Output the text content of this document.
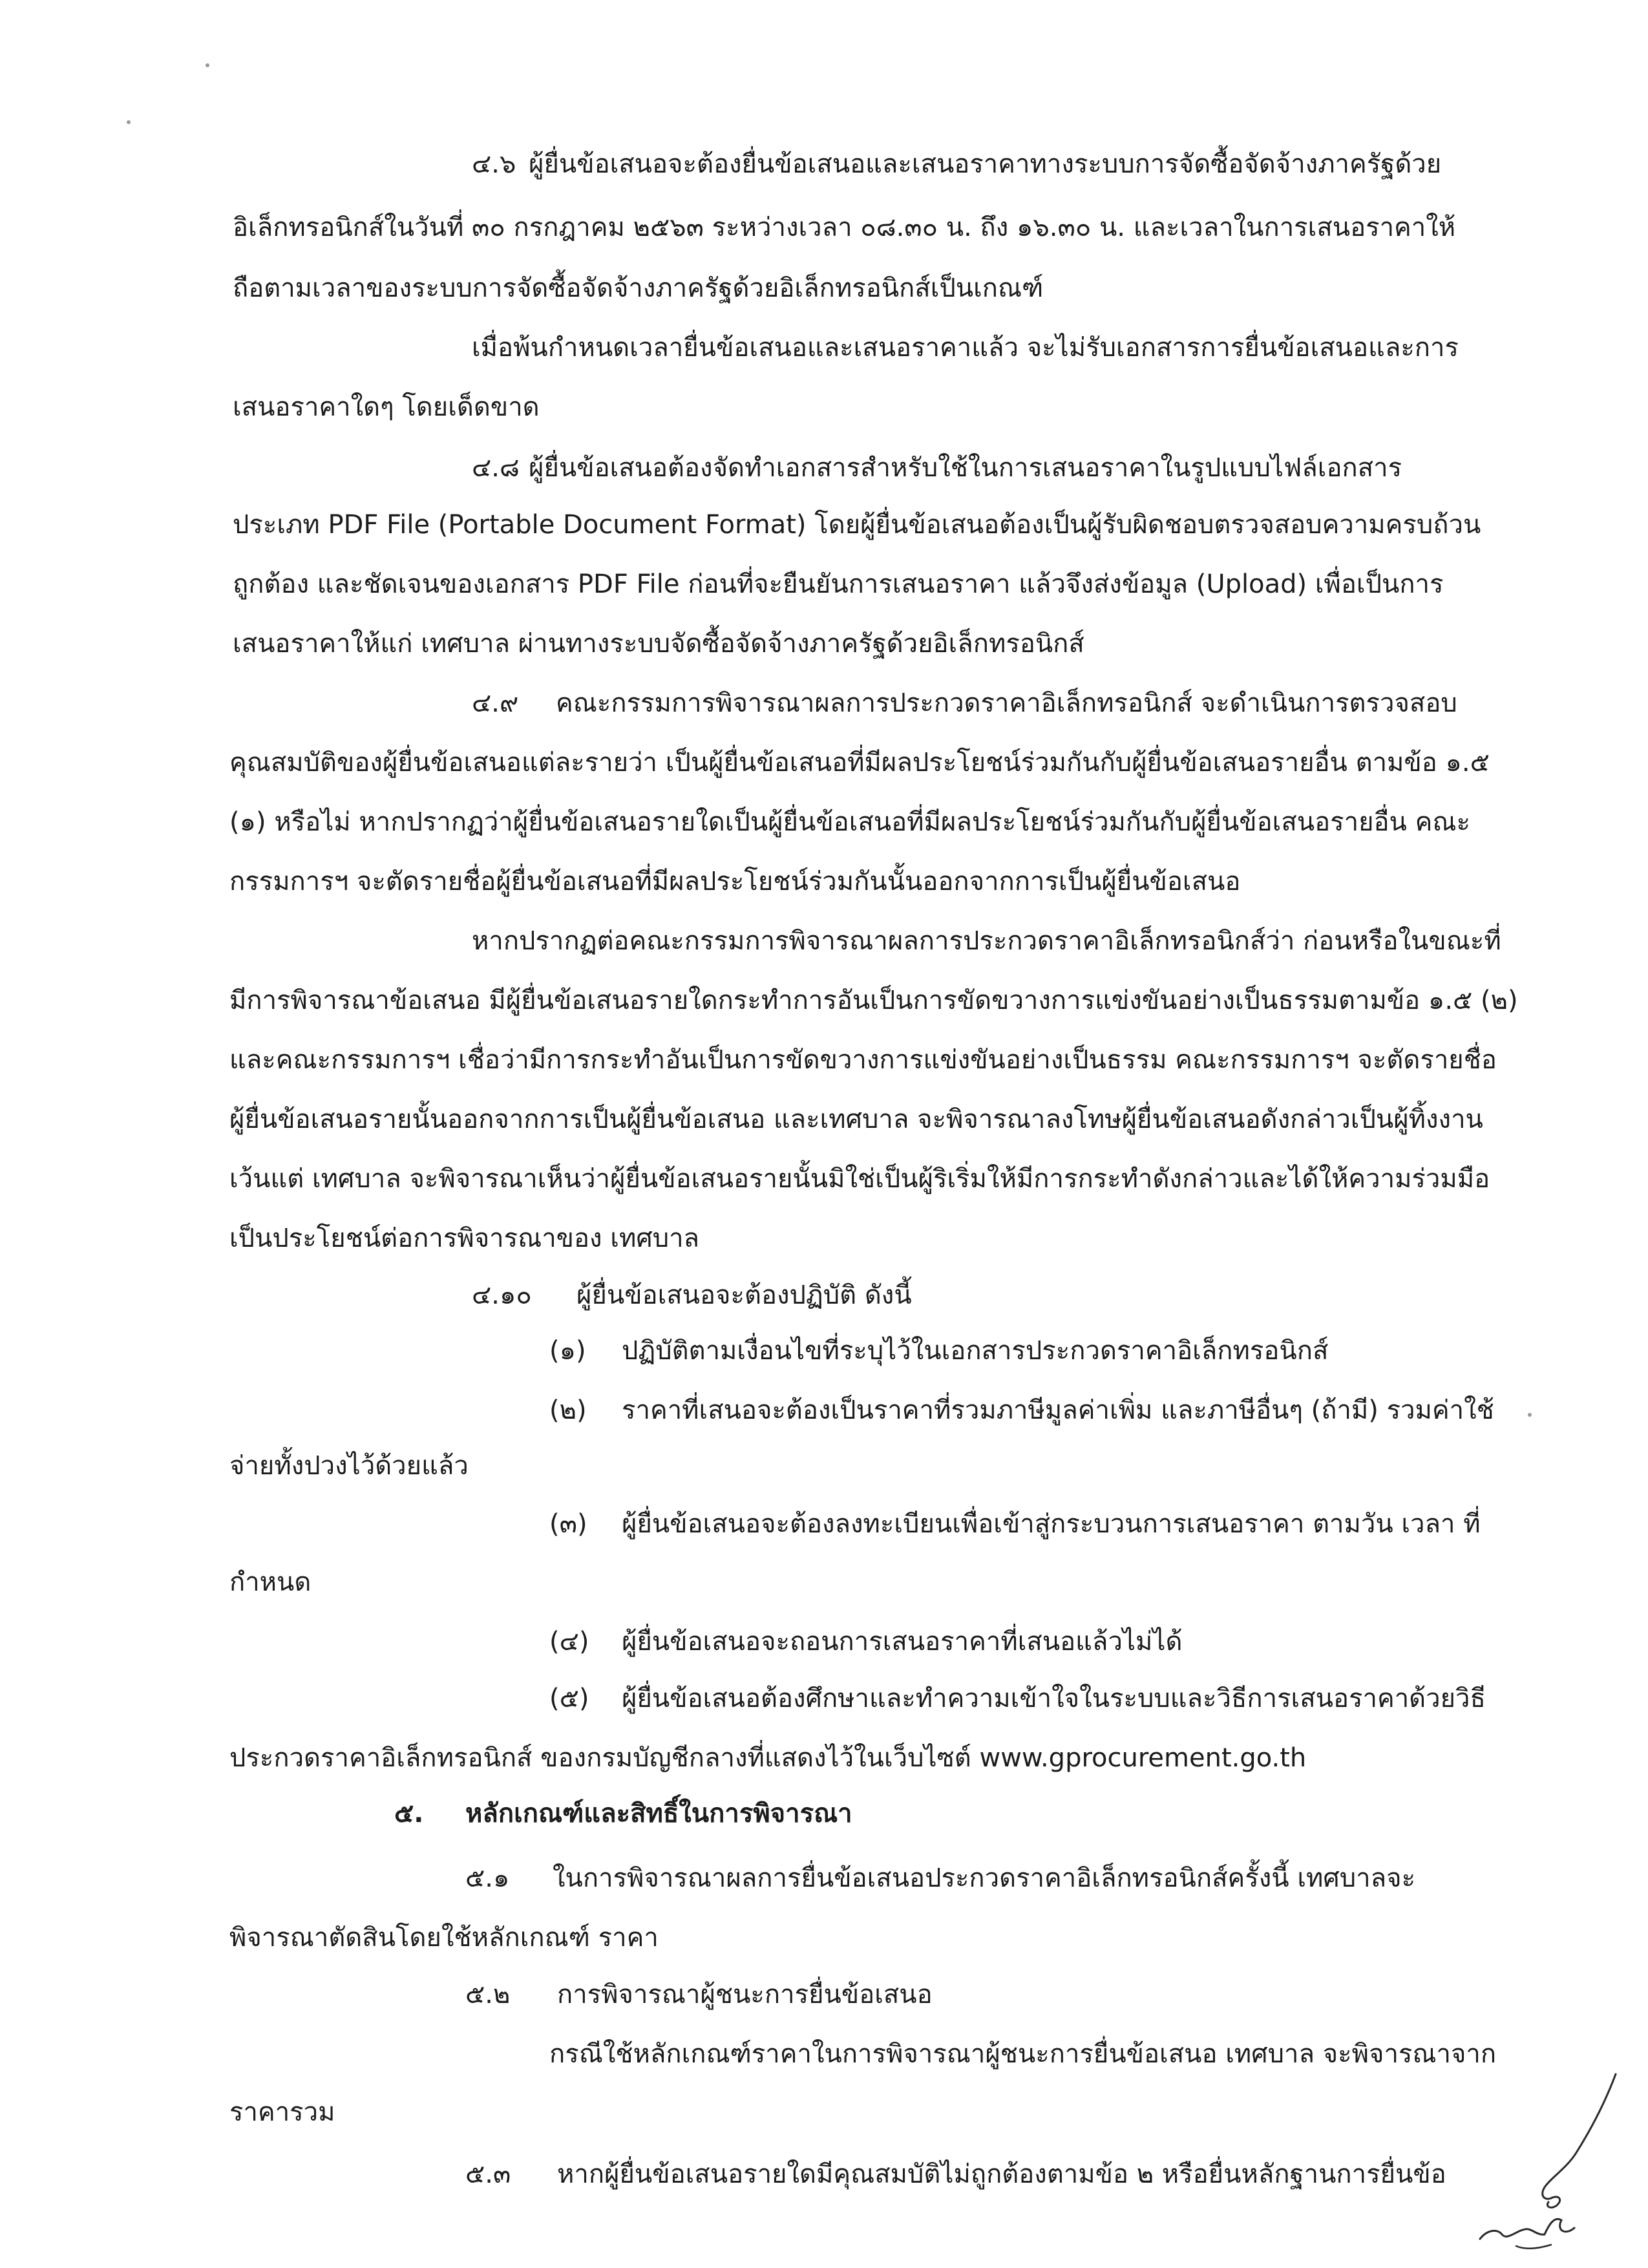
๔.๖ ผู้ยื่นข้อเสนอจะต้องยื่นข้อเสนอและเสนอราคาทางระบบการจัดซื้อจัดจ้างภาครัฐด้วย
อิเล็กทรอนิกส์ในวันที่ ๓๐ กรกฎาคม ๒๕๖๓ ระหว่างเวลา ๐๘.๓๐ น. ถึง ๑๖.๓๐ น. และเวลาในการเสนอราคาให้
ถือตามเวลาของระบบการจัดซื้อจัดจ้างภาครัฐด้วยอิเล็กทรอนิกส์เป็นเกณฑ์
เมื่อพ้นกำหนดเวลายื่นข้อเสนอและเสนอราคาแล้ว จะไม่รับเอกสารการยื่นข้อเสนอและการ
เสนอราคาใดๆ โดยเด็ดขาด
๔.๘ ผู้ยื่นข้อเสนอต้องจัดทำเอกสารสำหรับใช้ในการเสนอราคาในรูปแบบไฟล์เอกสาร
ประเภท PDF File (Portable Document Format) โดยผู้ยื่นข้อเสนอต้องเป็นผู้รับผิดชอบตรวจสอบความครบถ้วน
ถูกต้อง และชัดเจนของเอกสาร PDF File ก่อนที่จะยืนยันการเสนอราคา แล้วจึงส่งข้อมูล (Upload) เพื่อเป็นการ
เสนอราคาให้แก่ เทศบาล ผ่านทางระบบจัดซื้อจัดจ้างภาครัฐด้วยอิเล็กทรอนิกส์
๔.๙ คณะกรรมการพิจารณาผลการประกวดราคาอิเล็กทรอนิกส์ จะดำเนินการตรวจสอบ
คุณสมบัติของผู้ยื่นข้อเสนอแต่ละรายว่า เป็นผู้ยื่นข้อเสนอที่มีผลประโยชน์ร่วมกันกับผู้ยื่นข้อเสนอรายอื่น ตามข้อ ๑.๕
(๑) หรือไม่ หากปรากฏว่าผู้ยื่นข้อเสนอรายใดเป็นผู้ยื่นข้อเสนอที่มีผลประโยชน์ร่วมกันกับผู้ยื่นข้อเสนอรายอื่น คณะ
กรรมการฯ จะตัดรายชื่อผู้ยื่นข้อเสนอที่มีผลประโยชน์ร่วมกันนั้นออกจากการเป็นผู้ยื่นข้อเสนอ
หากปรากฏต่อคณะกรรมการพิจารณาผลการประกวดราคาอิเล็กทรอนิกส์ว่า ก่อนหรือในขณะที่
มีการพิจารณาข้อเสนอ มีผู้ยื่นข้อเสนอรายใดกระทำการอันเป็นการขัดขวางการแข่งขันอย่างเป็นธรรมตามข้อ ๑.๕ (๒)
และคณะกรรมการฯ เชื่อว่ามีการกระทำอันเป็นการขัดขวางการแข่งขันอย่างเป็นธรรม คณะกรรมการฯ จะตัดรายชื่อ
ผู้ยื่นข้อเสนอรายนั้นออกจากการเป็นผู้ยื่นข้อเสนอ และเทศบาล จะพิจารณาลงโทษผู้ยื่นข้อเสนอดังกล่าวเป็นผู้ทิ้งงาน
เว้นแต่ เทศบาล จะพิจารณาเห็นว่าผู้ยื่นข้อเสนอรายนั้นมิใช่เป็นผู้ริเริ่มให้มีการกระทำดังกล่าวและได้ให้ความร่วมมือ
เป็นประโยชน์ต่อการพิจารณาของ เทศบาล
๔.๑๐ ผู้ยื่นข้อเสนอจะต้องปฏิบัติ ดังนี้
(๑) ปฏิบัติตามเงื่อนไขที่ระบุไว้ในเอกสารประกวดราคาอิเล็กทรอนิกส์
(๒) ราคาที่เสนอจะต้องเป็นราคาที่รวมภาษีมูลค่าเพิ่ม และภาษีอื่นๆ (ถ้ามี) รวมค่าใช้
จ่ายทั้งปวงไว้ด้วยแล้ว
(๓) ผู้ยื่นข้อเสนอจะต้องลงทะเบียนเพื่อเข้าสู่กระบวนการเสนอราคา ตามวัน เวลา ที่
กำหนด
(๔) ผู้ยื่นข้อเสนอจะถอนการเสนอราคาที่เสนอแล้วไม่ได้
(๕) ผู้ยื่นข้อเสนอต้องศึกษาและทำความเข้าใจในระบบและวิธีการเสนอราคาด้วยวิธี
ประกวดราคาอิเล็กทรอนิกส์ ของกรมบัญชีกลางที่แสดงไว้ในเว็บไซต์ www.gprocurement.go.th
๕. หลักเกณฑ์และสิทธิ์ในการพิจารณา
๕.๑ ในการพิจารณาผลการยื่นข้อเสนอประกวดราคาอิเล็กทรอนิกส์ครั้งนี้ เทศบาลจะ
พิจารณาตัดสินโดยใช้หลักเกณฑ์ ราคา
๕.๒ การพิจารณาผู้ชนะการยื่นข้อเสนอ
กรณีใช้หลักเกณฑ์ราคาในการพิจารณาผู้ชนะการยื่นข้อเสนอ เทศบาล จะพิจารณาจาก
ราคารวม
๕.๓ หากผู้ยื่นข้อเสนอรายใดมีคุณสมบัติไม่ถูกต้องตามข้อ ๒ หรือยื่นหลักฐานการยื่นข้อ
